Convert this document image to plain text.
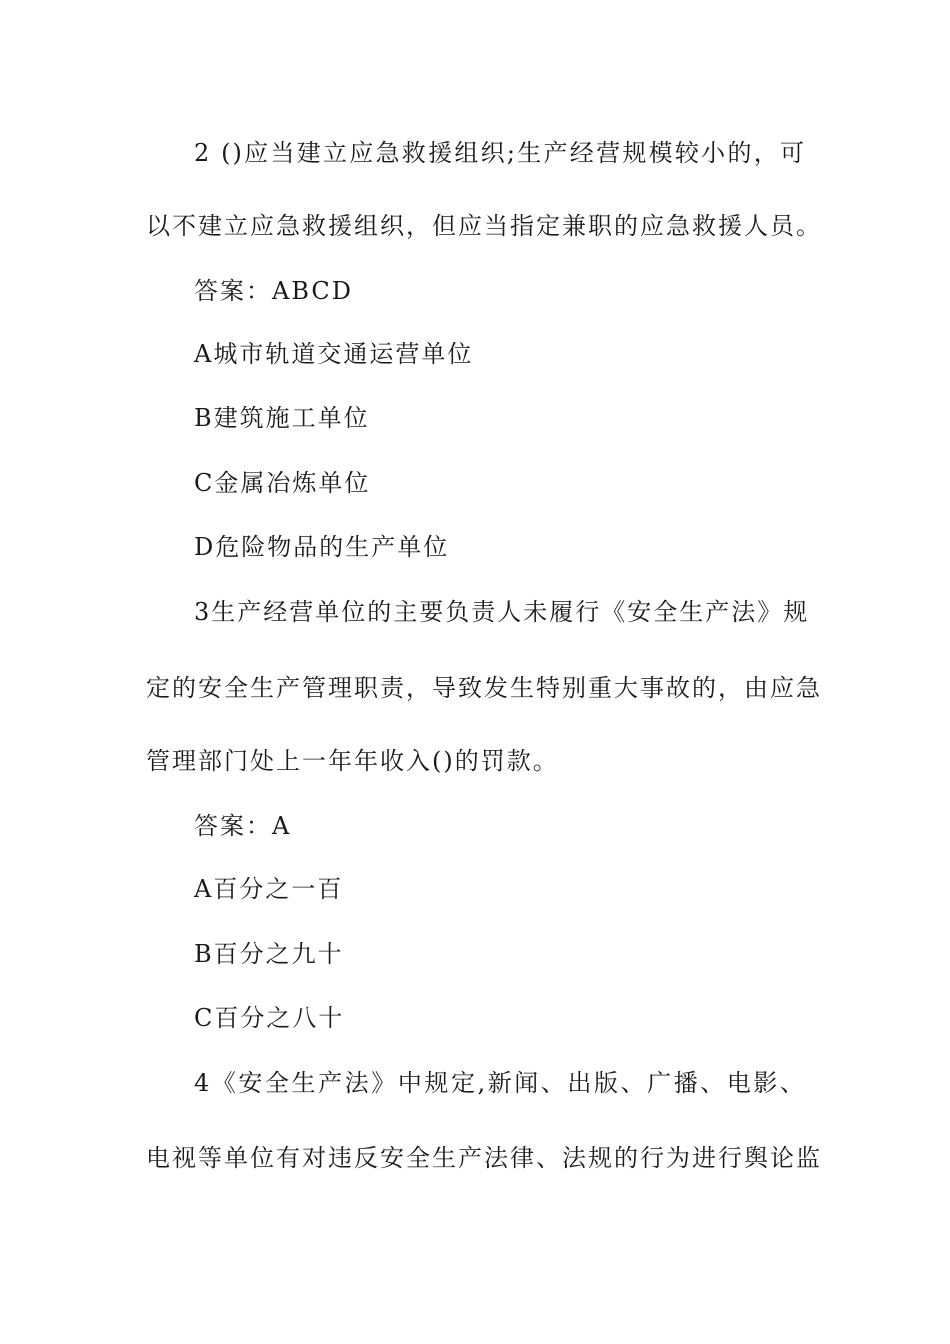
2 ()应当建立应急救援组织;生产经营规模较小的，可
以不建立应急救援组织，但应当指定兼职的应急救援人员。
答案：ABCD
A城市轨道交通运营单位
B建筑施工单位
C金属冶炼单位
D危险物品的生产单位
3生产经营单位的主要负责人未履行《安全生产法》规
定的安全生产管理职责，导致发生特别重大事故的，由应急
管理部门处上一年年收入()的罚款。
答案：A
A百分之一百
B百分之九十
C百分之八十
4《安全生产法》中规定,新闻、出版、广播、电影、
电视等单位有对违反安全生产法律、法规的行为进行舆论监
